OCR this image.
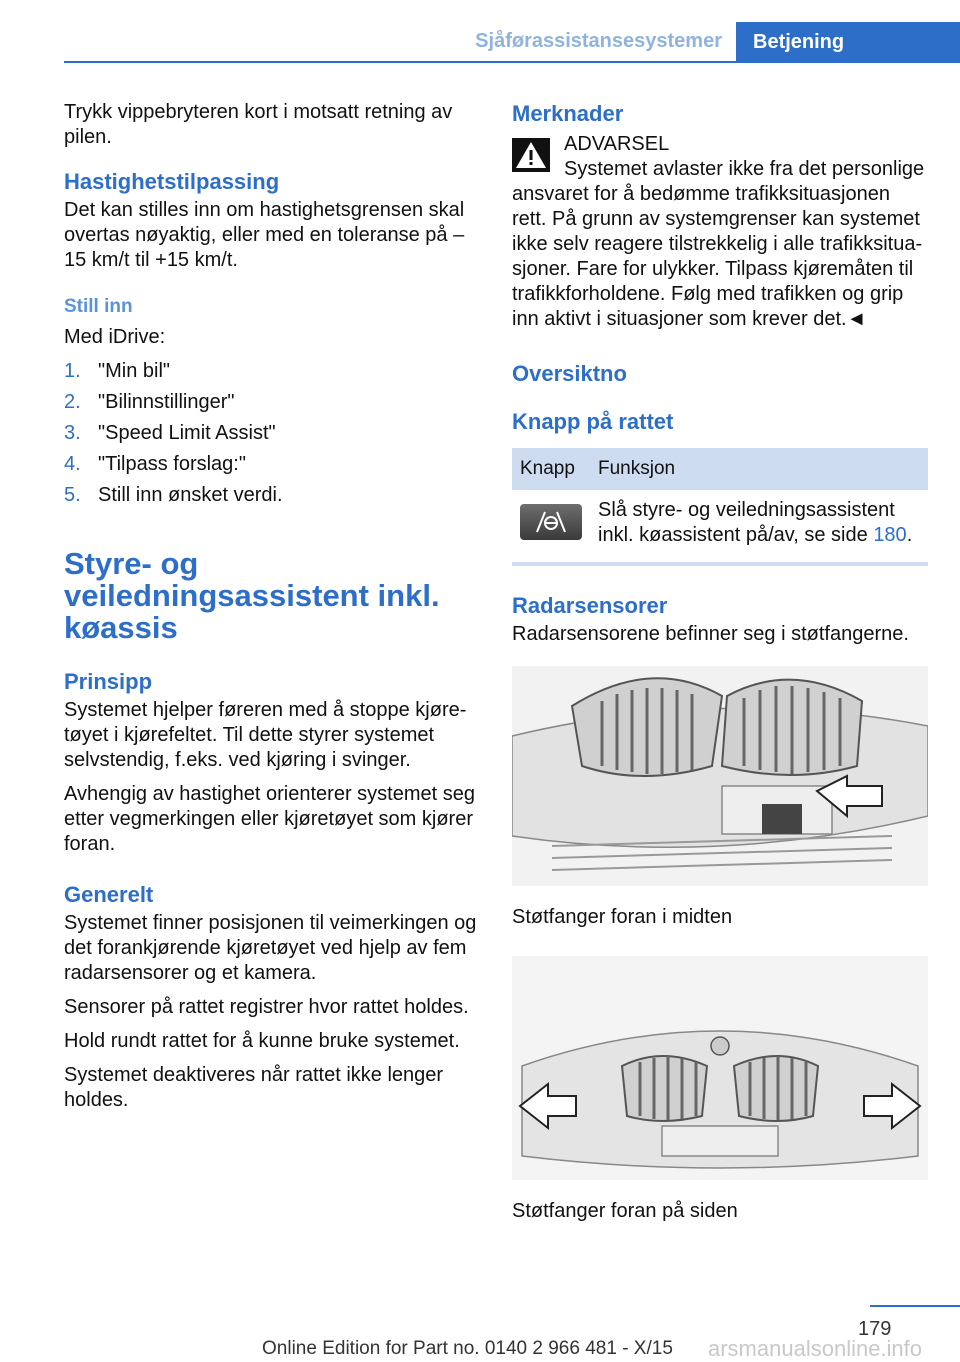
Sjåførassistansesystemer	Betjening

Trykk vippebryteren kort i motsatt retning av pilen.

Hastighetstilpassing

Det kan stilles inn om hastighetsgrensen skal overtas nøyaktig, eller med en toleranse på –15 km/t til +15 km/t.

Still inn

Med iDrive:

1. "Min bil"
2. "Bilinnstillinger"
3. "Speed Limit Assist"
4. "Tilpass forslag:"
5. Still inn ønsket verdi.
Styre- og veiledningsassistent inkl. køassis
Prinsipp

Systemet hjelper føreren med å stoppe kjøretøyet i kjørefeltet. Til dette styrer systemet selvstendig, f.eks. ved kjøring i svinger.

Avhengig av hastighet orienterer systemet seg etter vegmerkingen eller kjøretøyet som kjører foran.

Generelt

Systemet finner posisjonen til veimerkingen og det forankjørende kjøretøyet ved hjelp av fem radarsensorer og et kamera.

Sensorer på rattet registrer hvor rattet holdes.

Hold rundt rattet for å kunne bruke systemet.

Systemet deaktiveres når rattet ikke lenger holdes.

Merknader
ADVARSEL

Systemet avlaster ikke fra det personlige ansvaret for å bedømme trafikksituasjonen rett. På grunn av systemgrenser kan systemet ikke selv reagere tilstrekkelig i alle trafikksituasjoner. Fare for ulykker. Tilpass kjøremåten til trafikkforholdene. Følg med trafikken og grip inn aktivt i situasjoner som krever det.◄

Oversiktno
Knapp på rattet
Knapp	Funksjon

	Slå styre- og veiledningsassistent inkl. køassistent på/av, se side 180.
Radarsensorer

Radarsensorene befinner seg i støtfangerne.

Støtfanger foran i midten
Støtfanger foran på siden
179
Online Edition for Part no. 0140 2 966 481 - X/15 arsmanualsonline.info
